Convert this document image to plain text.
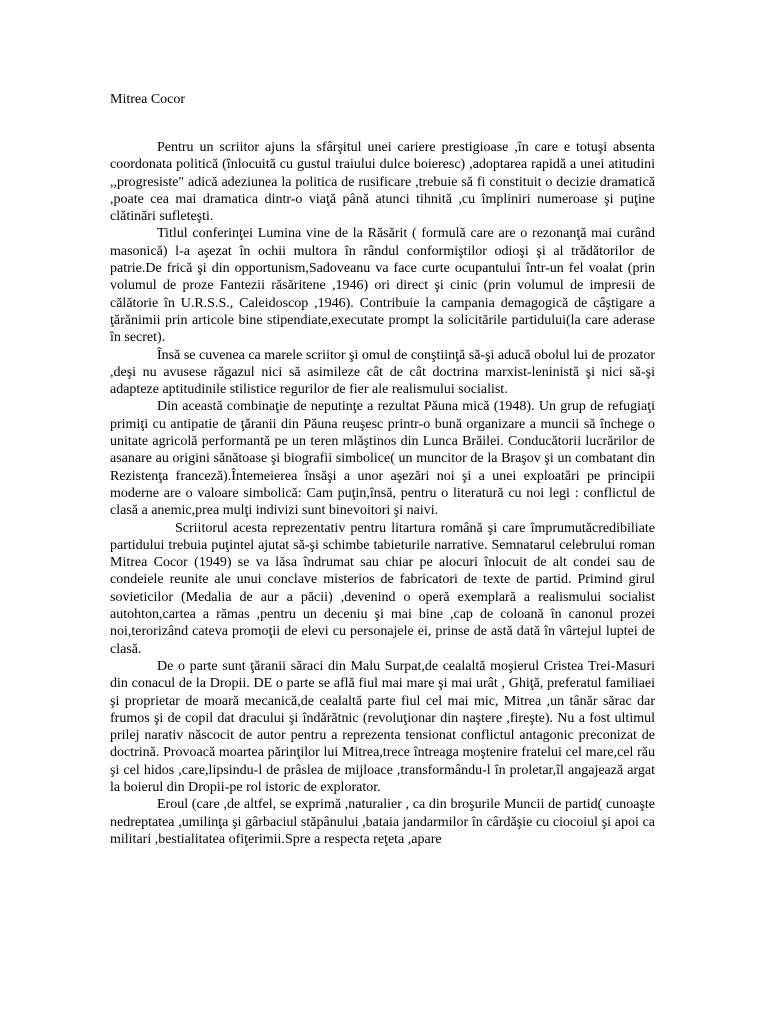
Mitrea Cocor

Pentru un scriitor ajuns la sfârşitul unei cariere prestigioase ,în care e totuşi absenta coordonata politică (înlocuită cu gustul traiului dulce boieresc) ,adoptarea rapidă a unei atitudini ,,progresiste" adică adeziunea la politica de rusificare ,trebuie să fi constituit o decizie dramatică ,poate cea mai dramatica dintr-o viaţă până atunci tihnită ,cu împliniri numeroase şi puţine clătinări sufleteşti.

Titlul conferinţei Lumina vine de la Răsărit ( formulă care are o rezonanţă mai curând masonică) l-a aşezat în ochii multora în rândul conformiştilor odioşi şi al trădătorilor de patrie.De frică şi din opportunism,Sadoveanu va face curte ocupantului într-un fel voalat (prin volumul de proze Fantezii răsăritene ,1946) ori direct şi cinic (prin volumul de impresii de călătorie în U.R.S.S., Caleidoscop ,1946). Contribuie la campania demagogică de câştigare a ţărănimii prin articole bine stipendiate,executate prompt la solicitările partidului(la care aderase în secret).

Însă se cuvenea ca marele scriitor şi omul de conştiinţă să-şi aducă obolul lui de prozator ,deşi nu avusese răgazul nici să asimileze cât de cât doctrina marxist-leninistă şi nici să-şi adapteze aptitudinile stilistice regurilor de fier ale realismului socialist.

Din această combinaţie de neputinţe a rezultat Păuna mică (1948). Un grup de refugiaţi primiţi cu antipatie de ţăranii din Păuna reuşesc printr-o bună organizare a muncii să închege o unitate agricolă performantă pe un teren mlăştinos din Lunca Brăilei. Conducătorii lucrărilor de asanare au origini sănătoase şi biografii simbolice( un muncitor de la Braşov şi un combatant din Rezistenţa franceză).Întemeierea însăşi a unor aşezări noi şi a unei exploatări pe principii moderne are o valoare simbolică: Cam puţin,însă, pentru o literatură cu noi legi : conflictul de clasă a anemic,prea mulţi indivizi sunt binevoitori şi naivi.

Scriitorul acesta reprezentativ pentru litartura română şi care împrumutăcredibiliate partidului trebuia puţintel ajutat să-şi schimbe tabieturile narrative. Semnatarul celebrului roman Mitrea Cocor (1949) se va lăsa îndrumat sau chiar pe alocuri înlocuit de alt condei sau de condeiele reunite ale unui conclave misterios de fabricatori de texte de partid. Primind girul sovieticilor (Medalia de aur a păcii) ,devenind o operă exemplară a realismului socialist autohton,cartea a rămas ,pentru un deceniu şi mai bine ,cap de coloană în canonul prozei noi,terorizând cateva promoţii de elevi cu personajele ei, prinse de astă dată în vârtejul luptei de clasă.

De o parte sunt ţăranii săraci din Malu Surpat,de cealaltă moşierul Cristea Trei-Masuri din conacul de la Dropii. DE o parte se află fiul mai mare şi mai urât , Ghiţă, preferatul familiaei şi proprietar de moară mecanică,de cealaltă parte fiul cel mai mic, Mitrea ,un tânăr sărac dar frumos şi de copil dat dracului şi îndărătnic (revoluţionar din naştere ,fireşte). Nu a fost ultimul prilej narativ născocit de autor pentru a reprezenta tensionat conflictul antagonic preconizat de doctrină. Provoacă moartea părinţilor lui Mitrea,trece întreaga moştenire fratelui cel mare,cel rău şi cel hidos ,care,lipsindu-l de prâslea de mijloace ,transformându-l în proletar,îl angajează argat la boierul din Dropii-pe rol istoric de explorator.

Eroul (care ,de altfel, se exprimă ,naturalier , ca din broşurile Muncii de partid( cunoaşte nedreptatea ,umilinţa şi gârbaciul stăpânului ,bataia jandarmilor în cârdăşie cu ciocoiul şi apoi ca militari ,bestialitatea ofiţerimii.Spre a respecta reţeta ,apare
